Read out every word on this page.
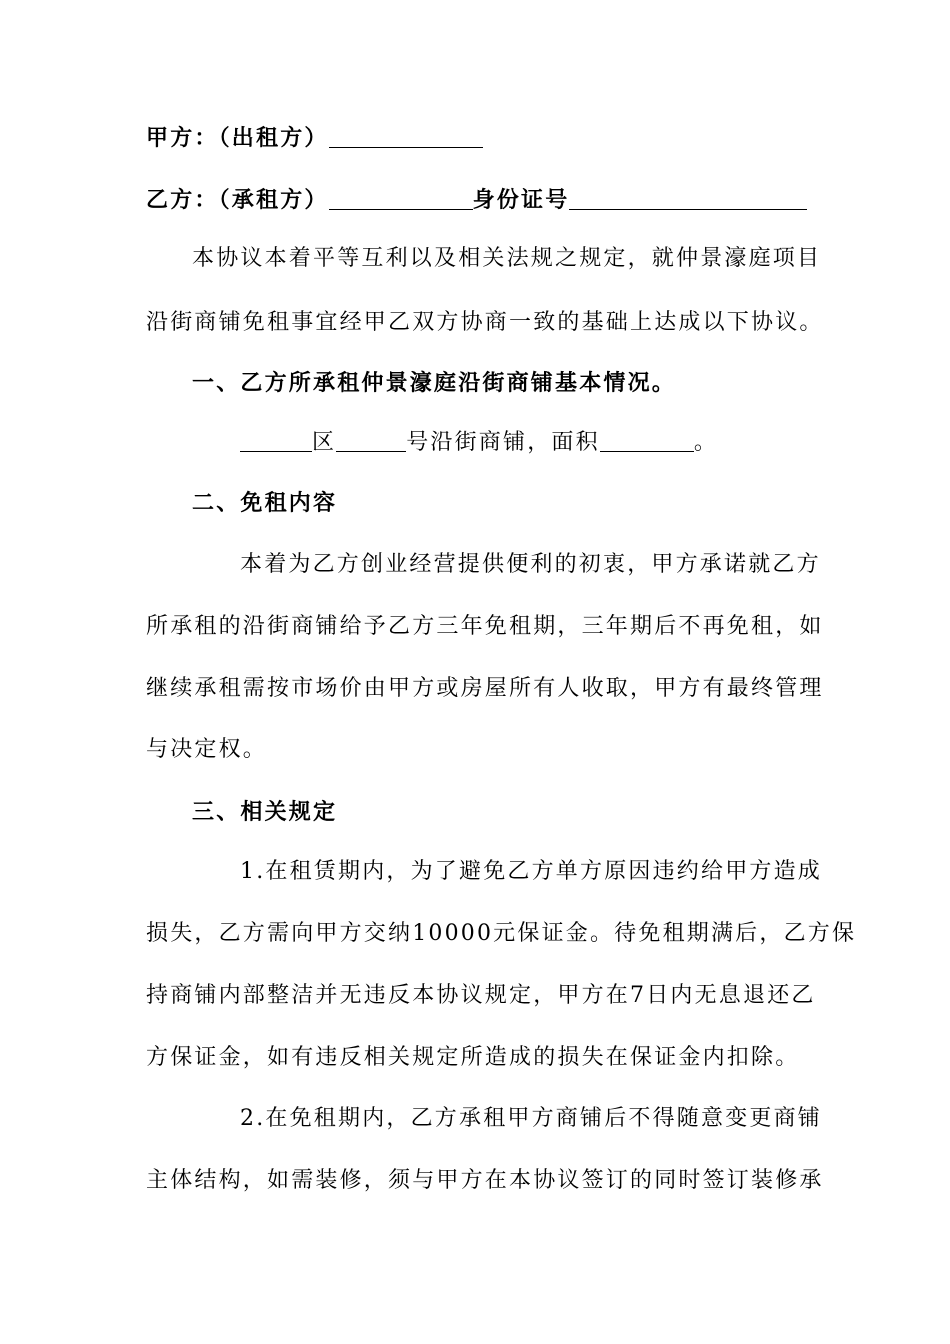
甲方：（出租方）
乙方：（承租方）	身份证号
本协议本着平等互利以及相关法规之规定，就仲景濠庭项目
沿街商铺免租事宜经甲乙双方协商一致的基础上达成以下协议。
一、乙方所承租仲景濠庭沿街商铺基本情况。
区	号沿街商铺，面积	。
二、免租内容
本着为乙方创业经营提供便利的初衷，甲方承诺就乙方
所承租的沿街商铺给予乙方三年免租期，三年期后不再免租，如
继续承租需按市场价由甲方或房屋所有人收取，甲方有最终管理
与决定权。
三、相关规定
1.在租赁期内，为了避免乙方单方原因违约给甲方造成
损失，乙方需向甲方交纳10000元保证金。待免租期满后，乙方保
持商铺内部整洁并无违反本协议规定，甲方在7日内无息退还乙
方保证金，如有违反相关规定所造成的损失在保证金内扣除。
2.在免租期内，乙方承租甲方商铺后不得随意变更商铺
主体结构，如需装修，须与甲方在本协议签订的同时签订装修承
